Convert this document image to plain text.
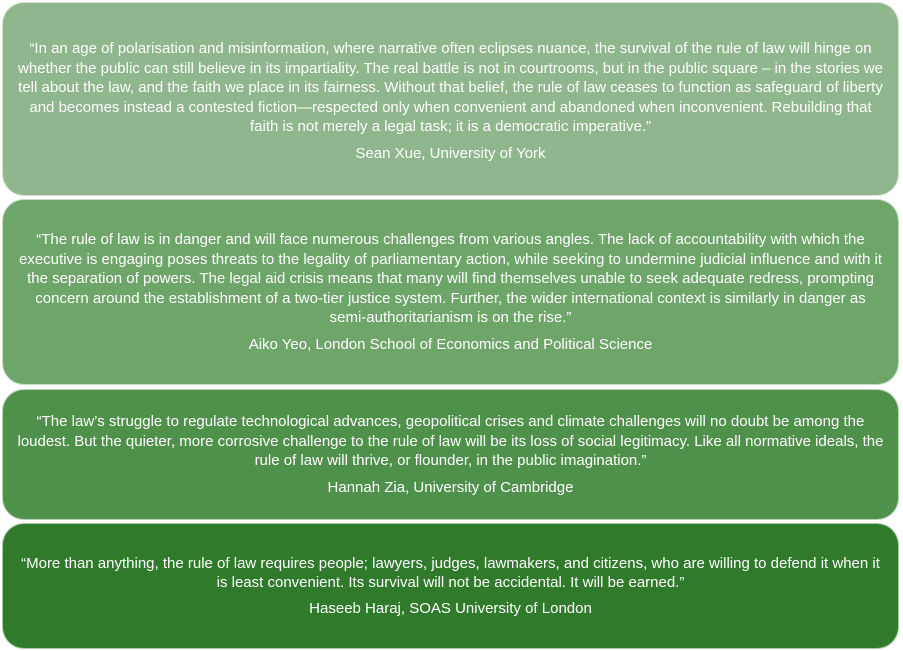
“In an age of polarisation and misinformation, where narrative often eclipses nuance, the survival of the rule of law will hinge on whether the public can still believe in its impartiality. The real battle is not in courtrooms, but in the public square – in the stories we tell about the law, and the faith we place in its fairness. Without that belief, the rule of law ceases to function as safeguard of liberty and becomes instead a contested fiction—respected only when convenient and abandoned when inconvenient. Rebuilding that faith is not merely a legal task; it is a democratic imperative.”

Sean Xue, University of York

“The rule of law is in danger and will face numerous challenges from various angles. The lack of accountability with which the executive is engaging poses threats to the legality of parliamentary action, while seeking to undermine judicial influence and with it the separation of powers. The legal aid crisis means that many will find themselves unable to seek adequate redress, prompting concern around the establishment of a two-tier justice system. Further, the wider international context is similarly in danger as semi-authoritarianism is on the rise.”

Aiko Yeo, London School of Economics and Political Science

“The law’s struggle to regulate technological advances, geopolitical crises and climate challenges will no doubt be among the loudest. But the quieter, more corrosive challenge to the rule of law will be its loss of social legitimacy. Like all normative ideals, the rule of law will thrive, or flounder, in the public imagination.”

Hannah Zia, University of Cambridge

“More than anything, the rule of law requires people; lawyers, judges, lawmakers, and citizens, who are willing to defend it when it is least convenient. Its survival will not be accidental. It will be earned.”

Haseeb Haraj, SOAS University of London
